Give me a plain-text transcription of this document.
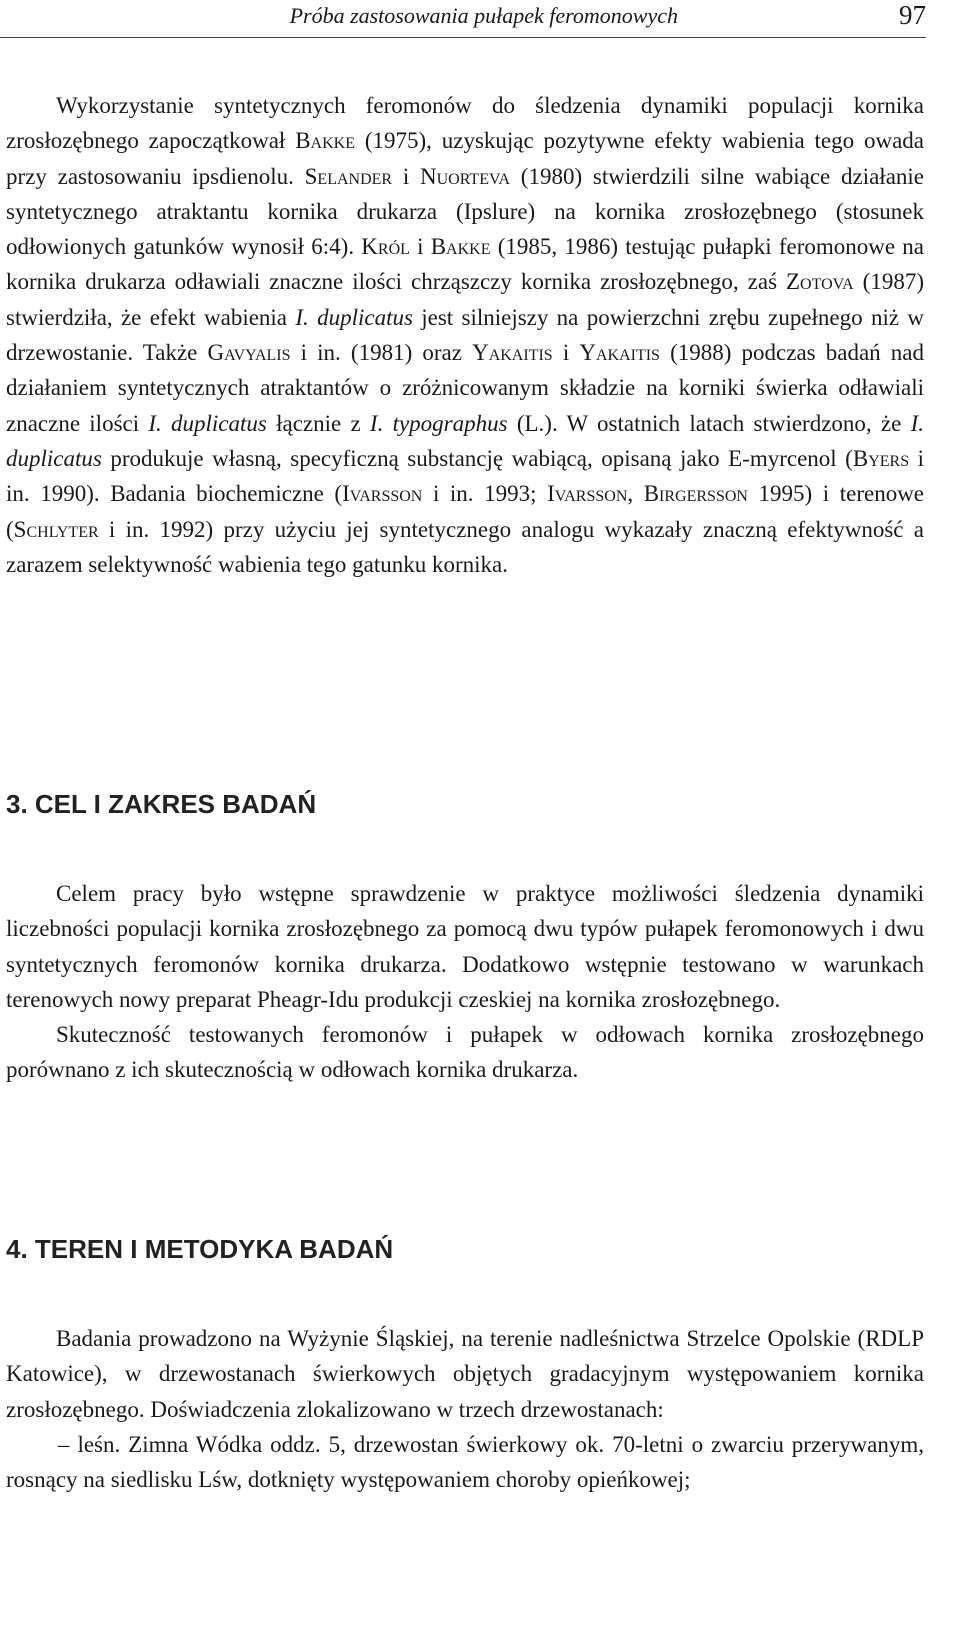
Próba zastosowania pułapek feromonowych	97

Wykorzystanie syntetycznych feromonów do śledzenia dynamiki populacji kornika zrosłozębnego zapoczątkował Bakke (1975), uzyskując pozytywne efekty wabienia tego owada przy zastosowaniu ipsdienolu. Selander i Nuorteva (1980) stwierdzili silne wabiące działanie syntetycznego atraktantu kornika drukarza (Ipslure) na kornika zrosłozębnego (stosunek odłowionych gatunków wynosił 6:4). Król i Bakke (1985, 1986) testując pułapki feromonowe na kornika drukarza odławiali znaczne ilości chrząszczy kornika zrosłozębnego, zaś Zotova (1987) stwierdziła, że efekt wabienia I. duplicatus jest silniejszy na powierzchni zrębu zupełnego niż w drzewostanie. Także Gavyalis i in. (1981) oraz Yakaitis i Yakaitis (1988) podczas badań nad działaniem syntetycznych atraktantów o zróżnicowanym składzie na korniki świerka odławiali znaczne ilości I. duplicatus łącznie z I. typographus (L.). W ostatnich latach stwierdzono, że I. duplicatus produkuje własną, specyficzną substancję wabiącą, opisaną jako E-myrcenol (Byers i in. 1990). Badania biochemiczne (Ivarsson i in. 1993; Ivarsson, Birgersson 1995) i terenowe (Schlyter i in. 1992) przy użyciu jej syntetycznego analogu wykazały znaczną efektywność a zarazem selektywność wabienia tego gatunku kornika.

3. CEL I ZAKRES BADAŃ

Celem pracy było wstępne sprawdzenie w praktyce możliwości śledzenia dynamiki liczebności populacji kornika zrosłozębnego za pomocą dwu typów pułapek feromonowych i dwu syntetycznych feromonów kornika drukarza. Dodatkowo wstępnie testowano w warunkach terenowych nowy preparat Pheagr-Idu produkcji czeskiej na kornika zrosłozębnego.

Skuteczność testowanych feromonów i pułapek w odłowach kornika zrosłozębnego porównano z ich skutecznością w odłowach kornika drukarza.

4. TEREN I METODYKA BADAŃ

Badania prowadzono na Wyżynie Śląskiej, na terenie nadleśnictwa Strzelce Opolskie (RDLP Katowice), w drzewostanach świerkowych objętych gradacyjnym występowaniem kornika zrosłozębnego. Doświadczenia zlokalizowano w trzech drzewostanach:

– leśn. Zimna Wódka oddz. 5, drzewostan świerkowy ok. 70-letni o zwarciu przerywanym, rosnący na siedlisku Lśw, dotknięty występowaniem choroby opieńkowej;
